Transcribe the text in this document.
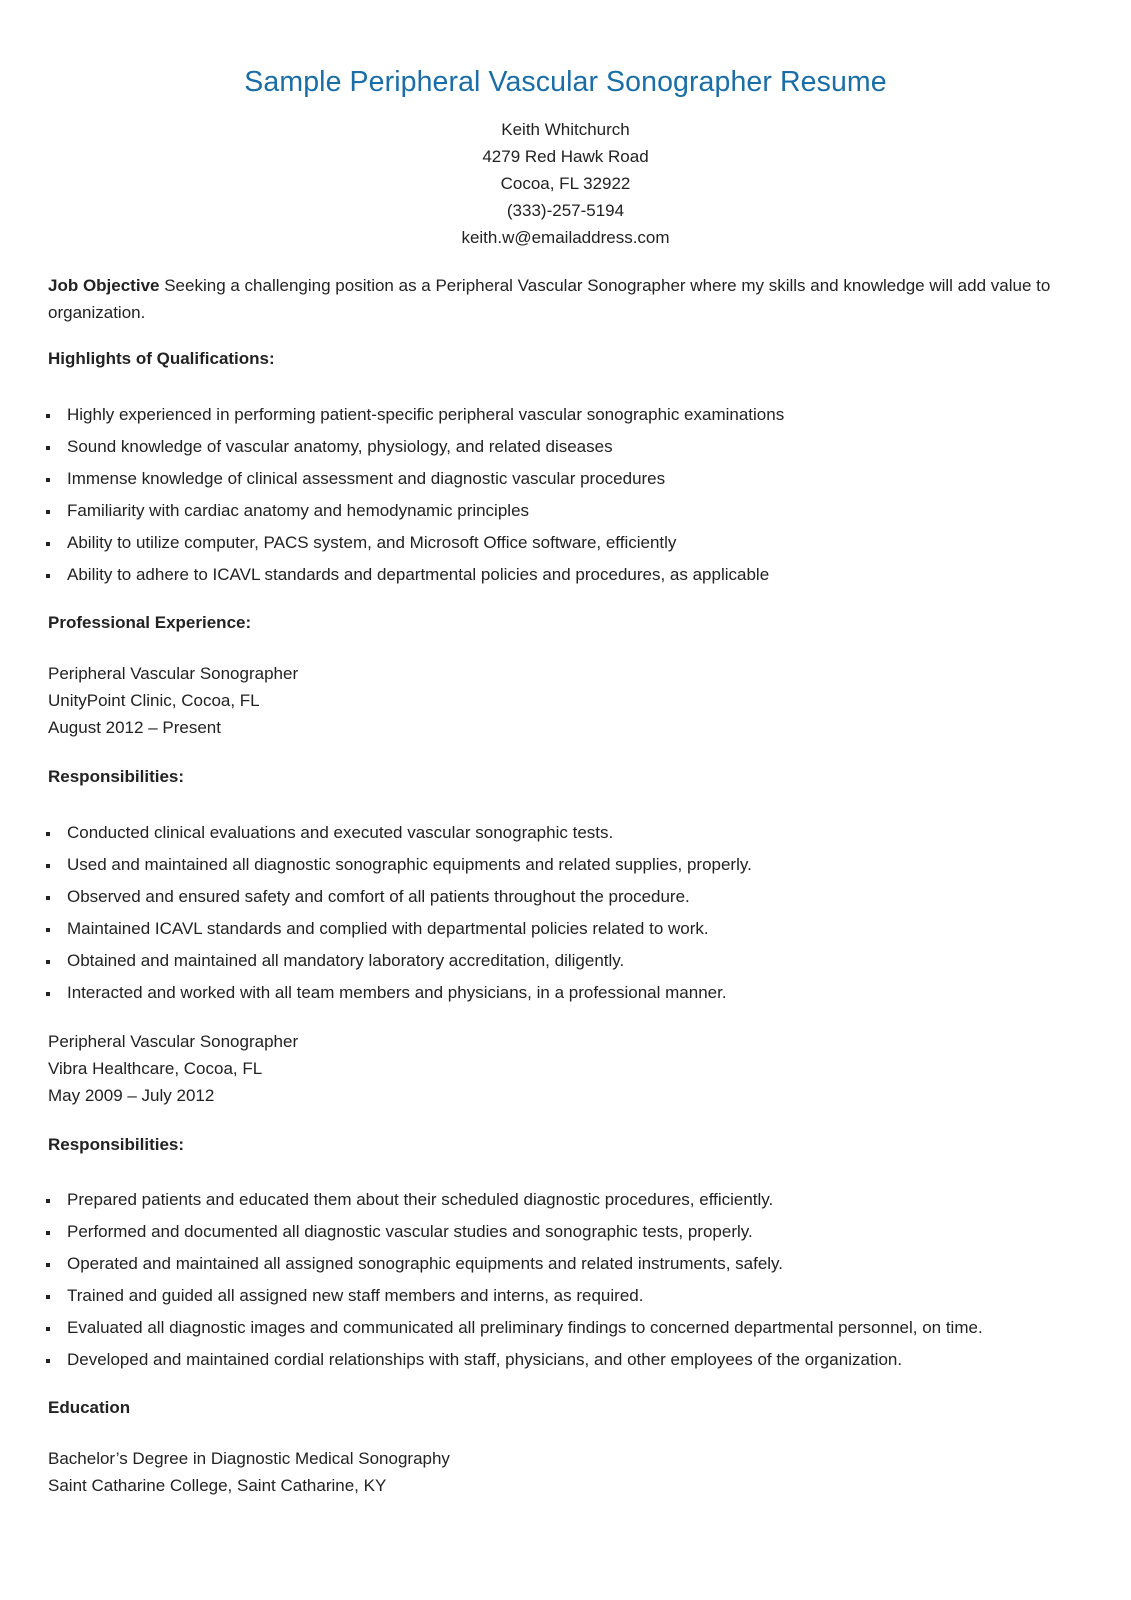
Sample Peripheral Vascular Sonographer Resume
Keith Whitchurch
4279 Red Hawk Road
Cocoa, FL 32922
(333)-257-5194
keith.w@emailaddress.com
Job Objective Seeking a challenging position as a Peripheral Vascular Sonographer where my skills and knowledge will add value to organization.
Highlights of Qualifications:
Highly experienced in performing patient-specific peripheral vascular sonographic examinations
Sound knowledge of vascular anatomy, physiology, and related diseases
Immense knowledge of clinical assessment and diagnostic vascular procedures
Familiarity with cardiac anatomy and hemodynamic principles
Ability to utilize computer, PACS system, and Microsoft Office software, efficiently
Ability to adhere to ICAVL standards and departmental policies and procedures, as applicable
Professional Experience:
Peripheral Vascular Sonographer
UnityPoint Clinic, Cocoa, FL
August 2012 – Present
Responsibilities:
Conducted clinical evaluations and executed vascular sonographic tests.
Used and maintained all diagnostic sonographic equipments and related supplies, properly.
Observed and ensured safety and comfort of all patients throughout the procedure.
Maintained ICAVL standards and complied with departmental policies related to work.
Obtained and maintained all mandatory laboratory accreditation, diligently.
Interacted and worked with all team members and physicians, in a professional manner.
Peripheral Vascular Sonographer
Vibra Healthcare, Cocoa, FL
May 2009 – July 2012
Responsibilities:
Prepared patients and educated them about their scheduled diagnostic procedures, efficiently.
Performed and documented all diagnostic vascular studies and sonographic tests, properly.
Operated and maintained all assigned sonographic equipments and related instruments, safely.
Trained and guided all assigned new staff members and interns, as required.
Evaluated all diagnostic images and communicated all preliminary findings to concerned departmental personnel, on time.
Developed and maintained cordial relationships with staff, physicians, and other employees of the organization.
Education
Bachelor’s Degree in Diagnostic Medical Sonography
Saint Catharine College, Saint Catharine, KY
